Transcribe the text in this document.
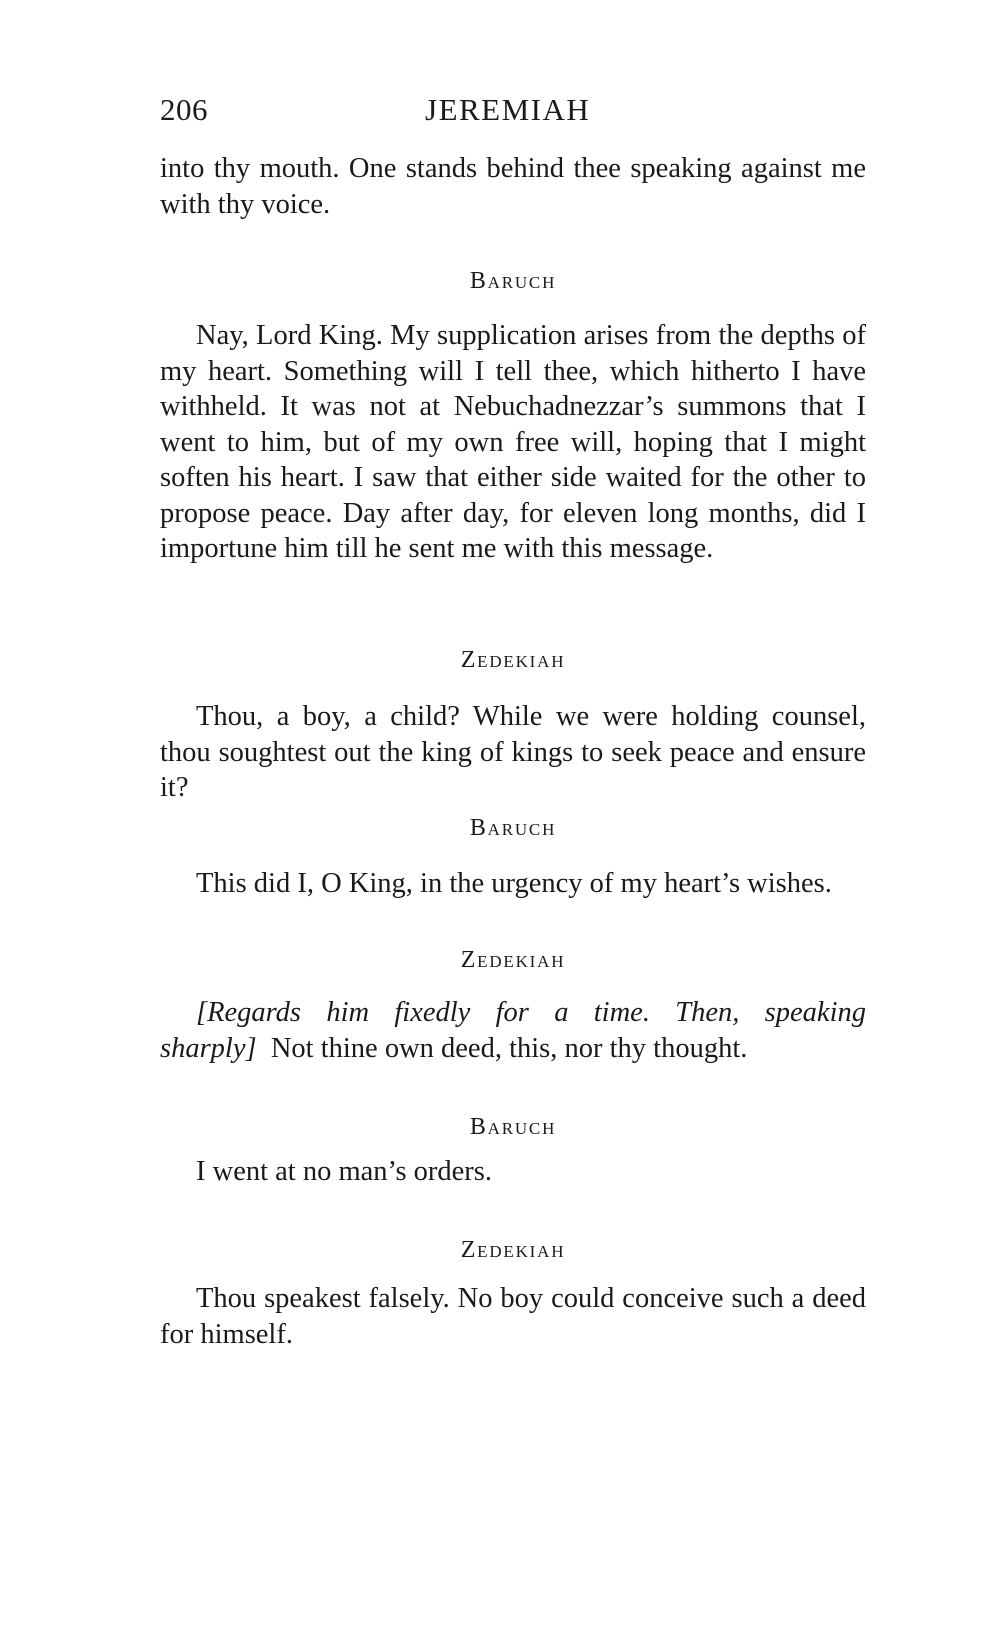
206	JEREMIAH

into thy mouth. One stands behind thee speaking against me with thy voice.

Baruch

Nay, Lord King. My supplication arises from the depths of my heart. Something will I tell thee, which hitherto I have withheld. It was not at Nebuchadnezzar’s summons that I went to him, but of my own free will, hoping that I might soften his heart. I saw that either side waited for the other to propose peace. Day after day, for eleven long months, did I importune him till he sent me with this message.

Zedekiah

Thou, a boy, a child? While we were holding counsel, thou soughtest out the king of kings to seek peace and ensure it?

Baruch

This did I, O King, in the urgency of my heart’s wishes.

Zedekiah

[Regards him fixedly for a time. Then, speaking sharply] Not thine own deed, this, nor thy thought.

Baruch

I went at no man’s orders.

Zedekiah

Thou speakest falsely. No boy could conceive such a deed for himself.
